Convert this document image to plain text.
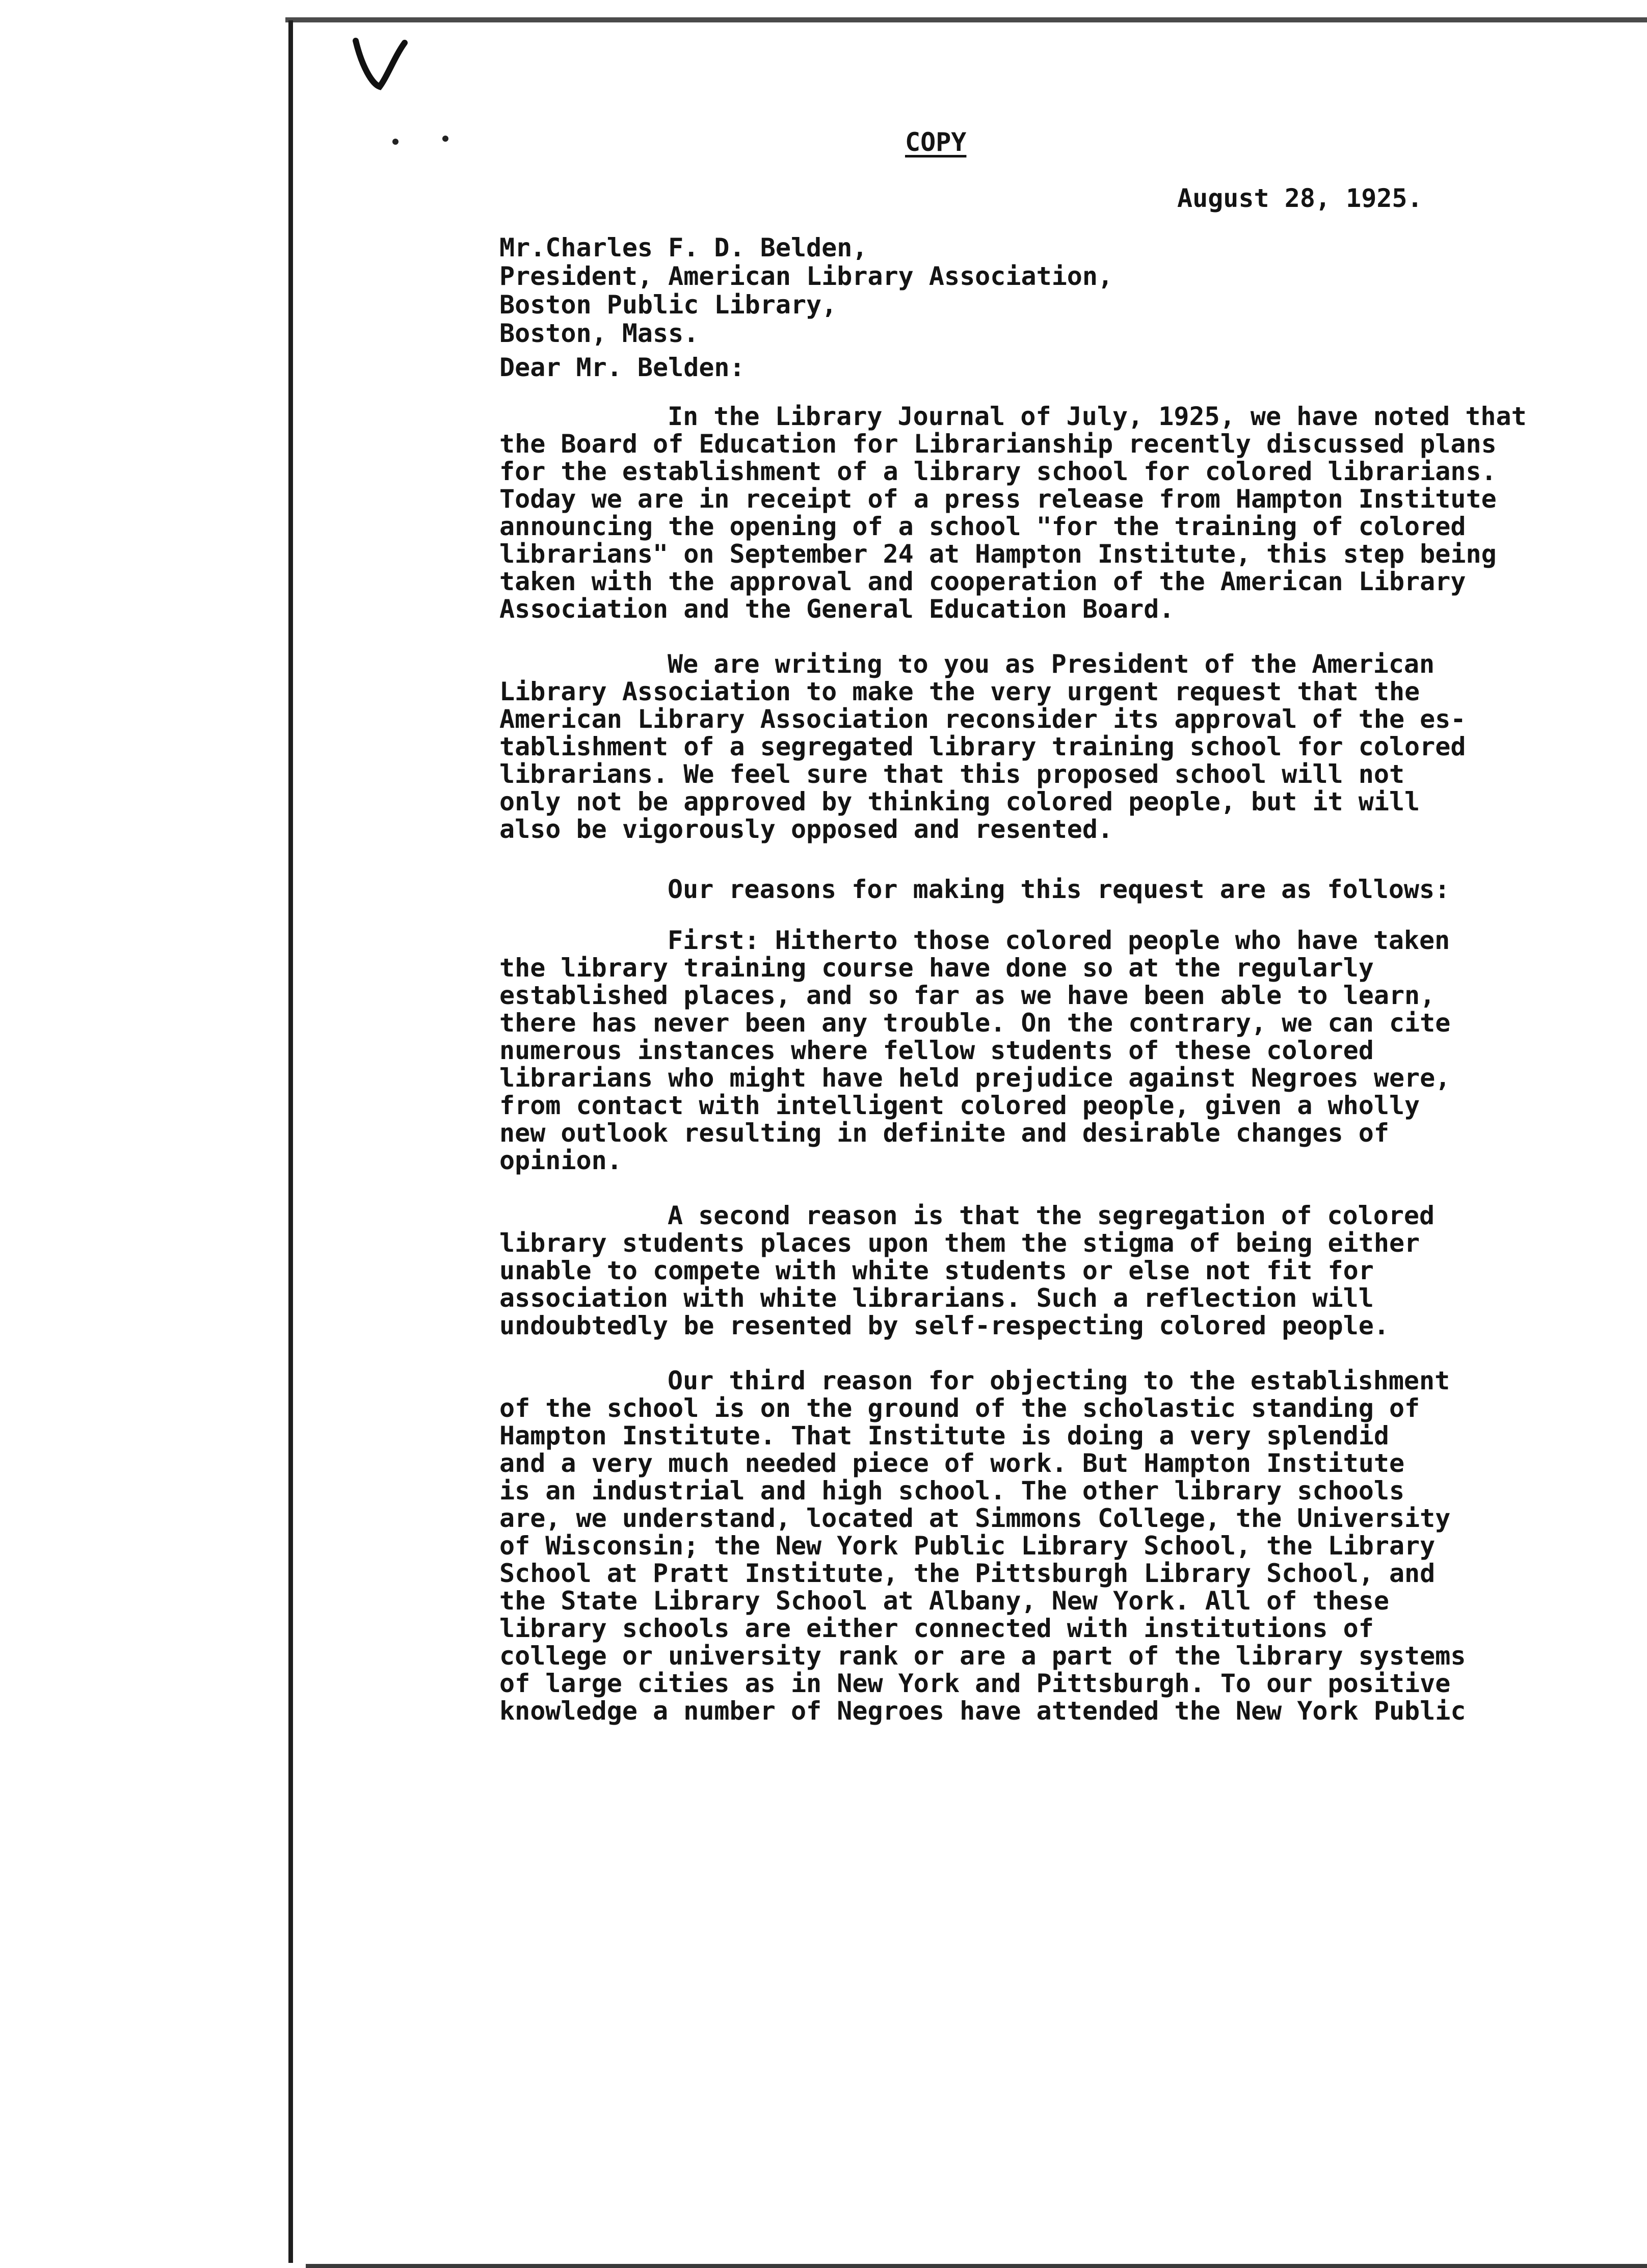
COPY
August 28, 1925.
Mr.Charles F. D. Belden,
President, American Library Association,
Boston Public Library,
Boston, Mass.
Dear Mr. Belden:
In the Library Journal of July, 1925, we have noted that
the Board of Education for Librarianship recently discussed plans
for the establishment of a library school for colored librarians.
Today we are in receipt of a press release from Hampton Institute
announcing the opening of a school "for the training of colored
librarians" on September 24 at Hampton Institute, this step being
taken with the approval and cooperation of the American Library
Association and the General Education Board.
We are writing to you as President of the American
Library Association to make the very urgent request that the
American Library Association reconsider its approval of the es-
tablishment of a segregated library training school for colored
librarians. We feel sure that this proposed school will not
only not be approved by thinking colored people, but it will
also be vigorously opposed and resented.
Our reasons for making this request are as follows:
First: Hitherto those colored people who have taken
the library training course have done so at the regularly
established places, and so far as we have been able to learn,
there has never been any trouble. On the contrary, we can cite
numerous instances where fellow students of these colored
librarians who might have held prejudice against Negroes were,
from contact with intelligent colored people, given a wholly
new outlook resulting in definite and desirable changes of
opinion.
A second reason is that the segregation of colored
library students places upon them the stigma of being either
unable to compete with white students or else not fit for
association with white librarians. Such a reflection will
undoubtedly be resented by self-respecting colored people.
Our third reason for objecting to the establishment
of the school is on the ground of the scholastic standing of
Hampton Institute. That Institute is doing a very splendid
and a very much needed piece of work. But Hampton Institute
is an industrial and high school. The other library schools
are, we understand, located at Simmons College, the University
of Wisconsin; the New York Public Library School, the Library
School at Pratt Institute, the Pittsburgh Library School, and
the State Library School at Albany, New York. All of these
library schools are either connected with institutions of
college or university rank or are a part of the library systems
of large cities as in New York and Pittsburgh. To our positive
knowledge a number of Negroes have attended the New York Public
